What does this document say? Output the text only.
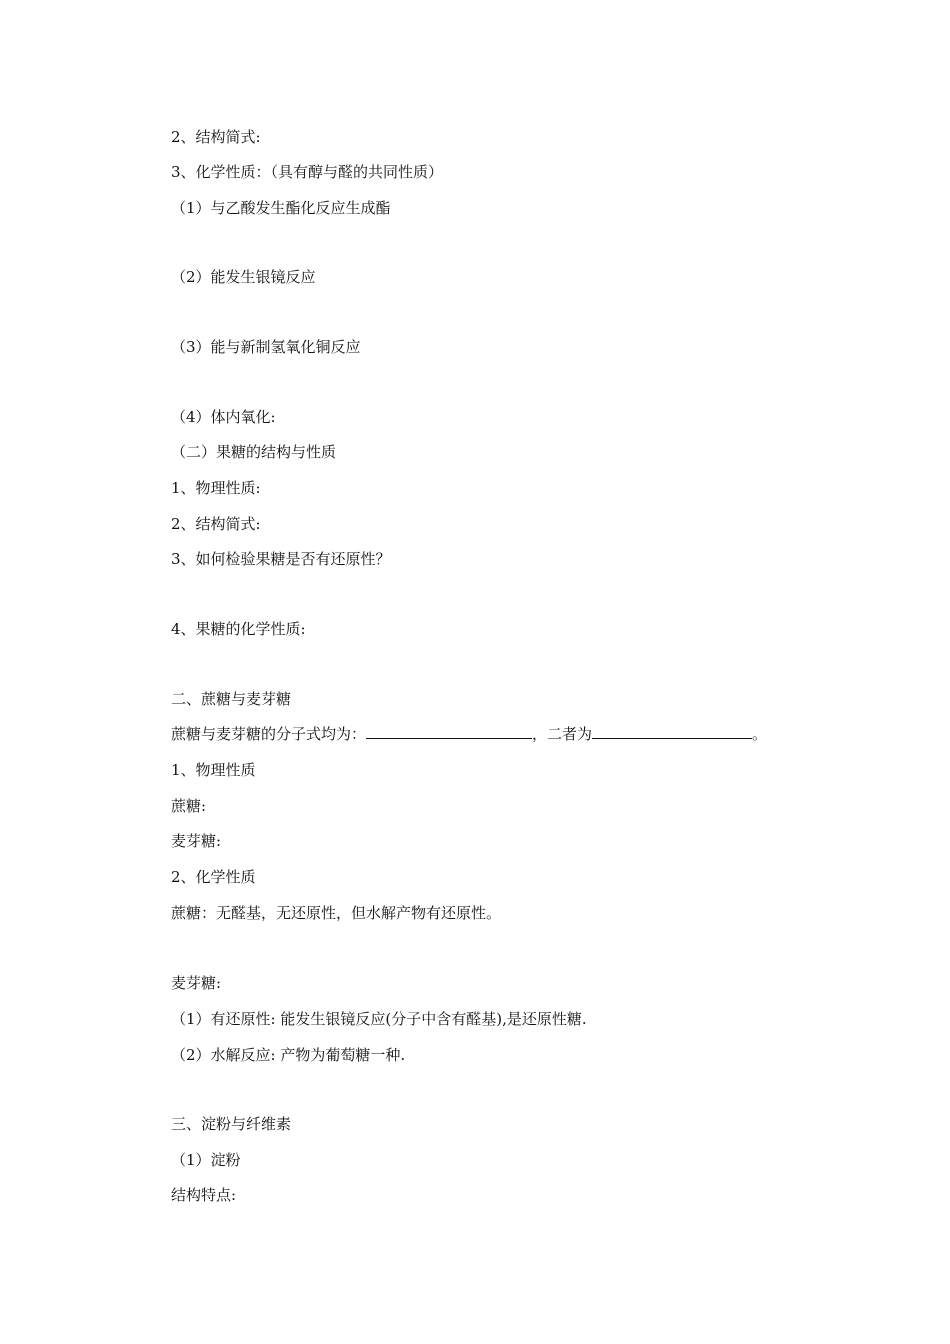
2、结构简式:
3、化学性质：（具有醇与醛的共同性质）
（1）与乙酸发生酯化反应生成酯
（2）能发生银镜反应
（3）能与新制氢氧化铜反应
（4）体内氧化:
（二）果糖的结构与性质
1、物理性质:
2、结构简式:
3、如何检验果糖是否有还原性？
4、果糖的化学性质:
二、蔗糖与麦芽糖
蔗糖与麦芽糖的分子式均为：	，二者为	。
1、物理性质
蔗糖:
麦芽糖:
2、化学性质
蔗糖：无醛基，无还原性，但水解产物有还原性。
麦芽糖:
（1）有还原性: 能发生银镜反应(分子中含有醛基),是还原性糖.
（2）水解反应: 产物为葡萄糖一种.
三、淀粉与纤维素
（1）淀粉
结构特点:
